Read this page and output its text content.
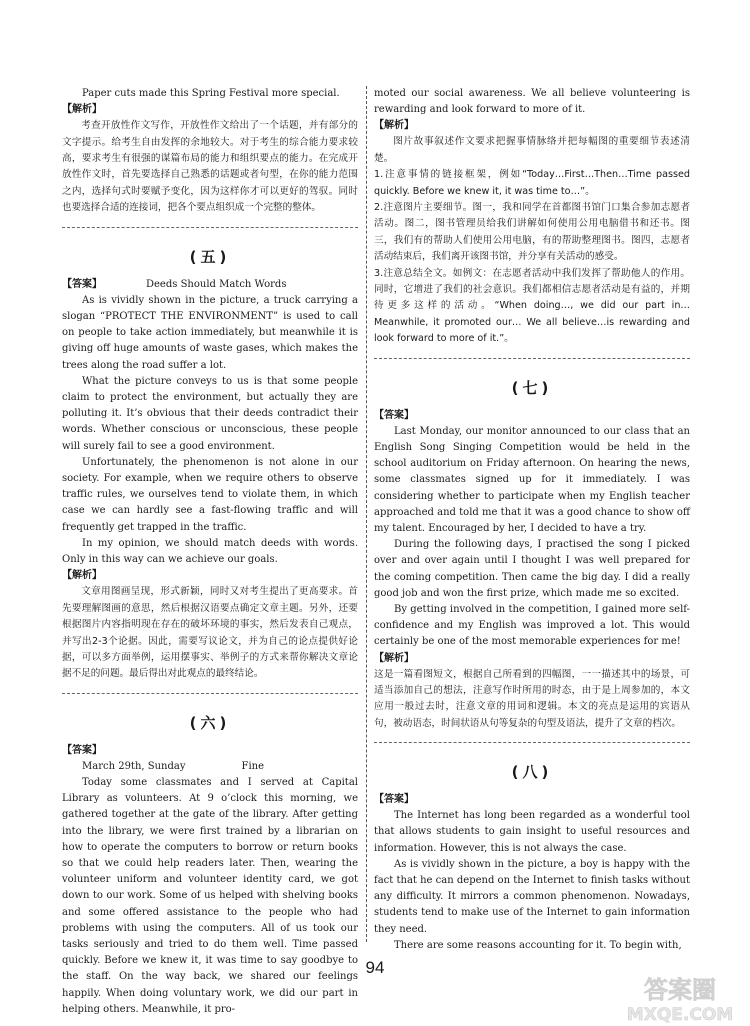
Paper cuts made this Spring Festival more special.

【解析】

考查开放性作文写作，开放性作文给出了一个话题，并有部分的文字提示。给考生自由发挥的余地较大。对于考生的综合能力要求较高，要求考生有很强的谋篇布局的能力和组织要点的能力。在完成开放性作文时，首先要选择自己熟悉的话题或者句型，在你的能力范围之内，选择句式时要赋予变化，因为这样你才可以更好的驾驭。同时也要选择合适的连接词，把各个要点组织成一个完整的整体。

(五)

【答案】	Deeds Should Match Words

As is vividly shown in the picture, a truck carrying a slogan “PROTECT THE ENVIRONMENT” is used to call on people to take action immediately, but meanwhile it is giving off huge amounts of waste gases, which makes the trees along the road suffer a lot.

What the picture conveys to us is that some people claim to protect the environment, but actually they are polluting it. It’s obvious that their deeds contradict their words. Whether conscious or unconscious, these people will surely fail to see a good environment.

Unfortunately, the phenomenon is not alone in our society. For example, when we require others to observe traffic rules, we ourselves tend to violate them, in which case we can hardly see a fast-flowing traffic and will frequently get trapped in the traffic.

In my opinion, we should match deeds with words. Only in this way can we achieve our goals.

【解析】

文章用图画呈现，形式新颖，同时又对考生提出了更高要求。首先要理解图画的意思，然后根据汉语要点确定文章主题。另外，还要根据图片内容指明现在存在的破坏环境的事实，然后发表自己观点，并写出2-3个论据。因此，需要写议论文，并为自己的论点提供好论据，可以多方面举例，运用摆事实、举例子的方式来帮你解决文章论据不足的问题。最后得出对此观点的最终结论。

(六)
【答案】

March 29th, Sunday	Fine

Today some classmates and I served at Capital Library as volunteers. At 9 o’clock this morning, we gathered together at the gate of the library. After getting into the library, we were first trained by a librarian on how to operate the computers to borrow or return books so that we could help readers later. Then, wearing the volunteer uniform and volunteer identity card, we got down to our work. Some of us helped with shelving books and some offered assistance to the people who had problems with using the computers. All of us took our tasks seriously and tried to do them well. Time passed quickly. Before we knew it, it was time to say goodbye to the staff. On the way back, we shared our feelings happily. When doing voluntary work, we did our part in helping others. Meanwhile, it pro-

moted our social awareness. We all believe volunteering is rewarding and look forward to more of it.

【解析】

图片故事叙述作文要求把握事情脉络并把每幅图的重要细节表述清楚。

1.注意事情的链接框架，例如“Today…First…Then…Time passed quickly. Before we knew it, it was time to…”。

2.注意图片主要细节。图一，我和同学在首都图书馆门口集合参加志愿者活动。图二，图书管理员给我们讲解如何使用公用电脑借书和还书。图三，我们有的帮助人们使用公用电脑，有的帮助整理图书。图四，志愿者活动结束后，我们离开该图书馆，并分享有关活动的感受。

3.注意总结全文。如例文：在志愿者活动中我们发挥了帮助他人的作用。同时，它增进了我们的社会意识。我们都相信志愿者活动是有益的，并期待更多这样的活动。“When doing…, we did our part in… Meanwhile, it promoted our… We all believe…is rewarding and look forward to more of it.”。

(七)
【答案】

Last Monday, our monitor announced to our class that an English Song Singing Competition would be held in the school auditorium on Friday afternoon. On hearing the news, some classmates signed up for it immediately. I was considering whether to participate when my English teacher approached and told me that it was a good chance to show off my talent. Encouraged by her, I decided to have a try.

During the following days, I practised the song I picked over and over again until I thought I was well prepared for the coming competition. Then came the big day. I did a really good job and won the first prize, which made me so excited.

By getting involved in the competition, I gained more self-confidence and my English was improved a lot. This would certainly be one of the most memorable experiences for me!

【解析】

这是一篇看图短文，根据自己所看到的四幅图，一一描述其中的场景，可适当添加自己的想法，注意写作时所用的时态，由于是上周参加的，本文应用一般过去时，注意文章的用词和逻辑。本文的亮点是运用的宾语从句，被动语态，时间状语从句等复杂的句型及语法，提升了文章的档次。

(八)
【答案】

The Internet has long been regarded as a wonderful tool that allows students to gain insight to useful resources and information. However, this is not always the case.

As is vividly shown in the picture, a boy is happy with the fact that he can depend on the Internet to finish tasks without any difficulty. It mirrors a common phenomenon. Nowadays, students tend to make use of the Internet to gain information they need.

There are some reasons accounting for it. To begin with,

94
答案圈
MXQE.COM
